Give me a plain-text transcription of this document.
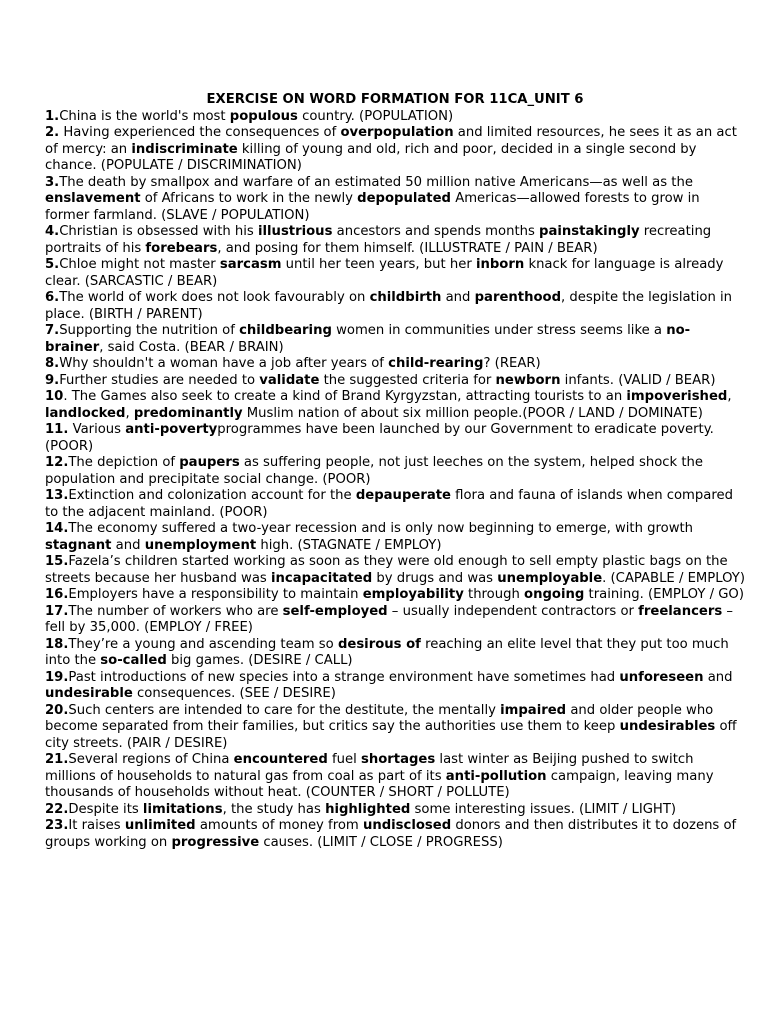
EXERCISE ON WORD FORMATION FOR 11CA_UNIT 6

1.China is the world's most populous country. (POPULATION)

2. Having experienced the consequences of overpopulation and limited resources, he sees it as an act of mercy: an indiscriminate killing of young and old, rich and poor, decided in a single second by chance. (POPULATE / DISCRIMINATION)

3.The death by smallpox and warfare of an estimated 50 million native Americans—as well as the enslavement of Africans to work in the newly depopulated Americas—allowed forests to grow in former farmland. (SLAVE / POPULATION)

4.Christian is obsessed with his illustrious ancestors and spends months painstakingly recreating portraits of his forebears, and posing for them himself. (ILLUSTRATE / PAIN / BEAR)

5.Chloe might not master sarcasm until her teen years, but her inborn knack for language is already clear. (SARCASTIC / BEAR)

6.The world of work does not look favourably on childbirth and parenthood, despite the legislation in place. (BIRTH / PARENT)

7.Supporting the nutrition of childbearing women in communities under stress seems like a no-brainer, said Costa. (BEAR / BRAIN)

8.Why shouldn't a woman have a job after years of child-rearing? (REAR)

9.Further studies are needed to validate the suggested criteria for newborn infants. (VALID / BEAR)

10. The Games also seek to create a kind of Brand Kyrgyzstan, attracting tourists to an impoverished, landlocked, predominantly Muslim nation of about six million people.(POOR / LAND / DOMINATE)

11. Various anti-povertyprogrammes have been launched by our Government to eradicate poverty.(POOR)

12.The depiction of paupers as suffering people, not just leeches on the system, helped shock the population and precipitate social change. (POOR)

13.Extinction and colonization account for the depauperate flora and fauna of islands when compared to the adjacent mainland. (POOR)

14.The economy suffered a two-year recession and is only now beginning to emerge, with growth stagnant and unemployment high. (STAGNATE / EMPLOY)

15.Fazela’s children started working as soon as they were old enough to sell empty plastic bags on the streets because her husband was incapacitated by drugs and was unemployable. (CAPABLE / EMPLOY)

16.Employers have a responsibility to maintain employability through ongoing training. (EMPLOY / GO)

17.The number of workers who are self-employed – usually independent contractors or freelancers – fell by 35,000. (EMPLOY / FREE)

18.They’re a young and ascending team so desirous of reaching an elite level that they put too much into the so-called big games. (DESIRE / CALL)

19.Past introductions of new species into a strange environment have sometimes had unforeseen and undesirable consequences. (SEE / DESIRE)

20.Such centers are intended to care for the destitute, the mentally impaired and older people who become separated from their families, but critics say the authorities use them to keep undesirables off city streets. (PAIR / DESIRE)

21.Several regions of China encountered fuel shortages last winter as Beijing pushed to switch millions of households to natural gas from coal as part of its anti-pollution campaign, leaving many thousands of households without heat. (COUNTER / SHORT / POLLUTE)

22.Despite its limitations, the study has highlighted some interesting issues. (LIMIT / LIGHT)

23.It raises unlimited amounts of money from undisclosed donors and then distributes it to dozens of groups working on progressive causes. (LIMIT / CLOSE / PROGRESS)
